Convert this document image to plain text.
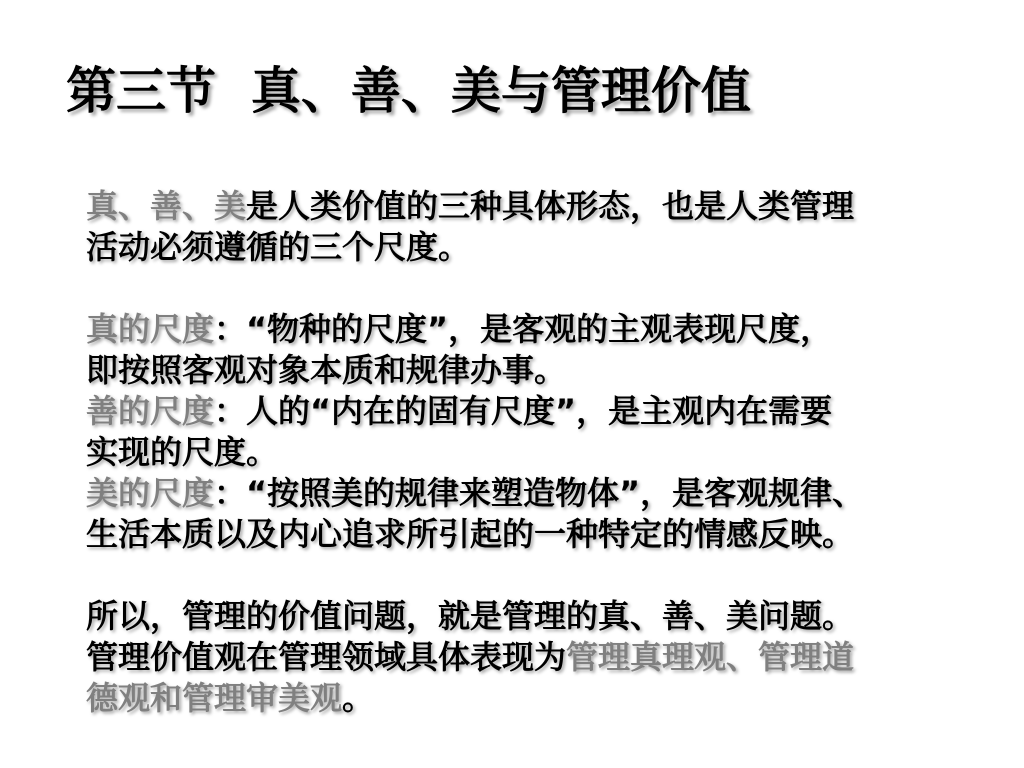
第三节  真、善、美与管理价值
真、善、美是人类价值的三种具体形态，也是人类管理
活动必须遵循的三个尺度。
真的尺度：“物种的尺度”，是客观的主观表现尺度，
即按照客观对象本质和规律办事。
善的尺度：人的“内在的固有尺度”，是主观内在需要
实现的尺度。
美的尺度：“按照美的规律来塑造物体”，是客观规律、
生活本质以及内心追求所引起的一种特定的情感反映。
所以，管理的价值问题，就是管理的真、善、美问题。
管理价值观在管理领域具体表现为管理真理观、管理道
德观和管理审美观。
